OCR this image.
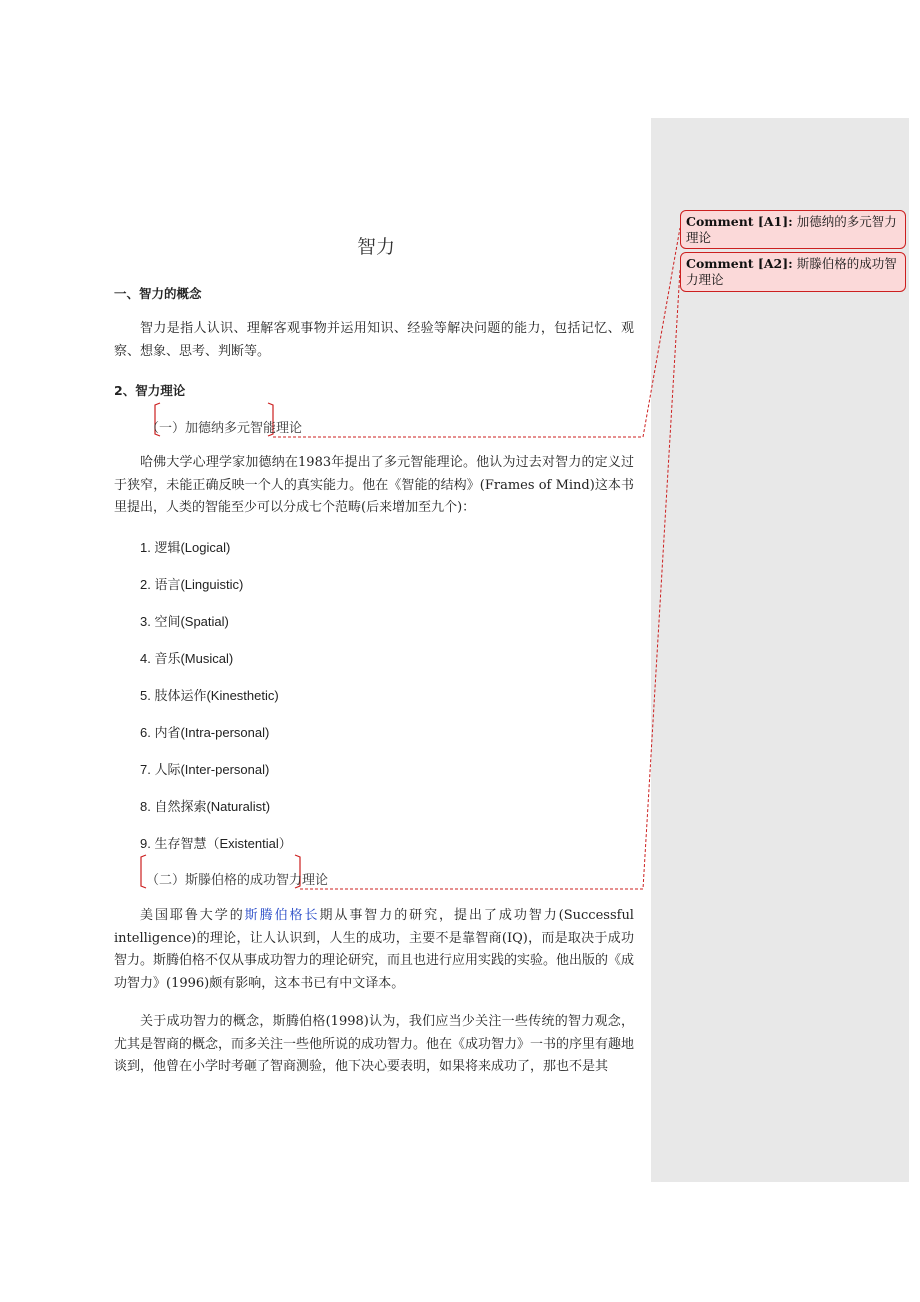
Comment [A1]: 加德纳的多元智力理论
Comment [A2]: 斯滕伯格的成功智力理论
智力
一、智力的概念
智力是指人认识、理解客观事物并运用知识、经验等解决问题的能力，包括记忆、观察、想象、思考、判断等。
2、智力理论
（一）加德纳多元智能理论
哈佛大学心理学家加德纳在1983年提出了多元智能理论。他认为过去对智力的定义过于狭窄，未能正确反映一个人的真实能力。他在《智能的结构》(Frames of Mind)这本书里提出，人类的智能至少可以分成七个范畴(后来增加至九个)：
1. 逻辑(Logical)
2. 语言(Linguistic)
3. 空间(Spatial)
4. 音乐(Musical)
5. 肢体运作(Kinesthetic)
6. 内省(Intra-personal)
7. 人际(Inter-personal)
8. 自然探索(Naturalist)
9. 生存智慧（Existential）
（二）斯滕伯格的成功智力理论
美国耶鲁大学的斯腾伯格长期从事智力的研究，提出了成功智力(Successful intelligence)的理论，让人认识到，人生的成功，主要不是靠智商(IQ)，而是取决于成功智力。斯腾伯格不仅从事成功智力的理论研究，而且也进行应用实践的实验。他出版的《成功智力》(1996)颇有影响，这本书已有中文译本。
关于成功智力的概念，斯腾伯格(1998)认为，我们应当少关注一些传统的智力观念，尤其是智商的概念，而多关注一些他所说的成功智力。他在《成功智力》一书的序里有趣地谈到，他曾在小学时考砸了智商测验，他下决心要表明，如果将来成功了，那也不是其
